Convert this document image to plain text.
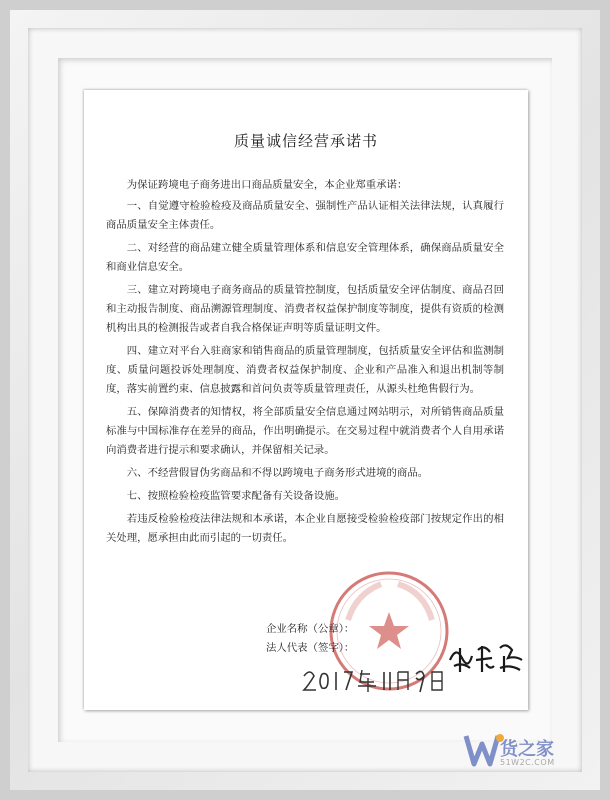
质量诚信经营承诺书

为保证跨境电子商务进出口商品质量安全，本企业郑重承诺：

一、自觉遵守检验检疫及商品质量安全、强制性产品认证相关法律法规，认真履行商品质量安全主体责任。

二、对经营的商品建立健全质量管理体系和信息安全管理体系，确保商品质量安全和商业信息安全。

三、建立对跨境电子商务商品的质量管控制度，包括质量安全评估制度、商品召回和主动报告制度、商品溯源管理制度、消费者权益保护制度等制度，提供有资质的检测机构出具的检测报告或者自我合格保证声明等质量证明文件。

四、建立对平台入驻商家和销售商品的质量管理制度，包括质量安全评估和监测制度、质量问题投诉处理制度、消费者权益保护制度、企业和产品准入和退出机制等制度，落实前置约束、信息披露和首问负责等质量管理责任，从源头杜绝售假行为。

五、保障消费者的知情权，将全部质量安全信息通过网站明示，对所销售商品质量标准与中国标准存在差异的商品，作出明确提示。在交易过程中就消费者个人自用承诺向消费者进行提示和要求确认，并保留相关记录。

六、不经营假冒伪劣商品和不得以跨境电子商务形式进境的商品。

七、按照检验检疫监管要求配备有关设备设施。

若违反检验检疫法律法规和本承诺，本企业自愿接受检验检疫部门按规定作出的相关处理，愿承担由此而引起的一切责任。

企业名称（公章）：
法人代表（签字）：
货之家
51W2C.COM
